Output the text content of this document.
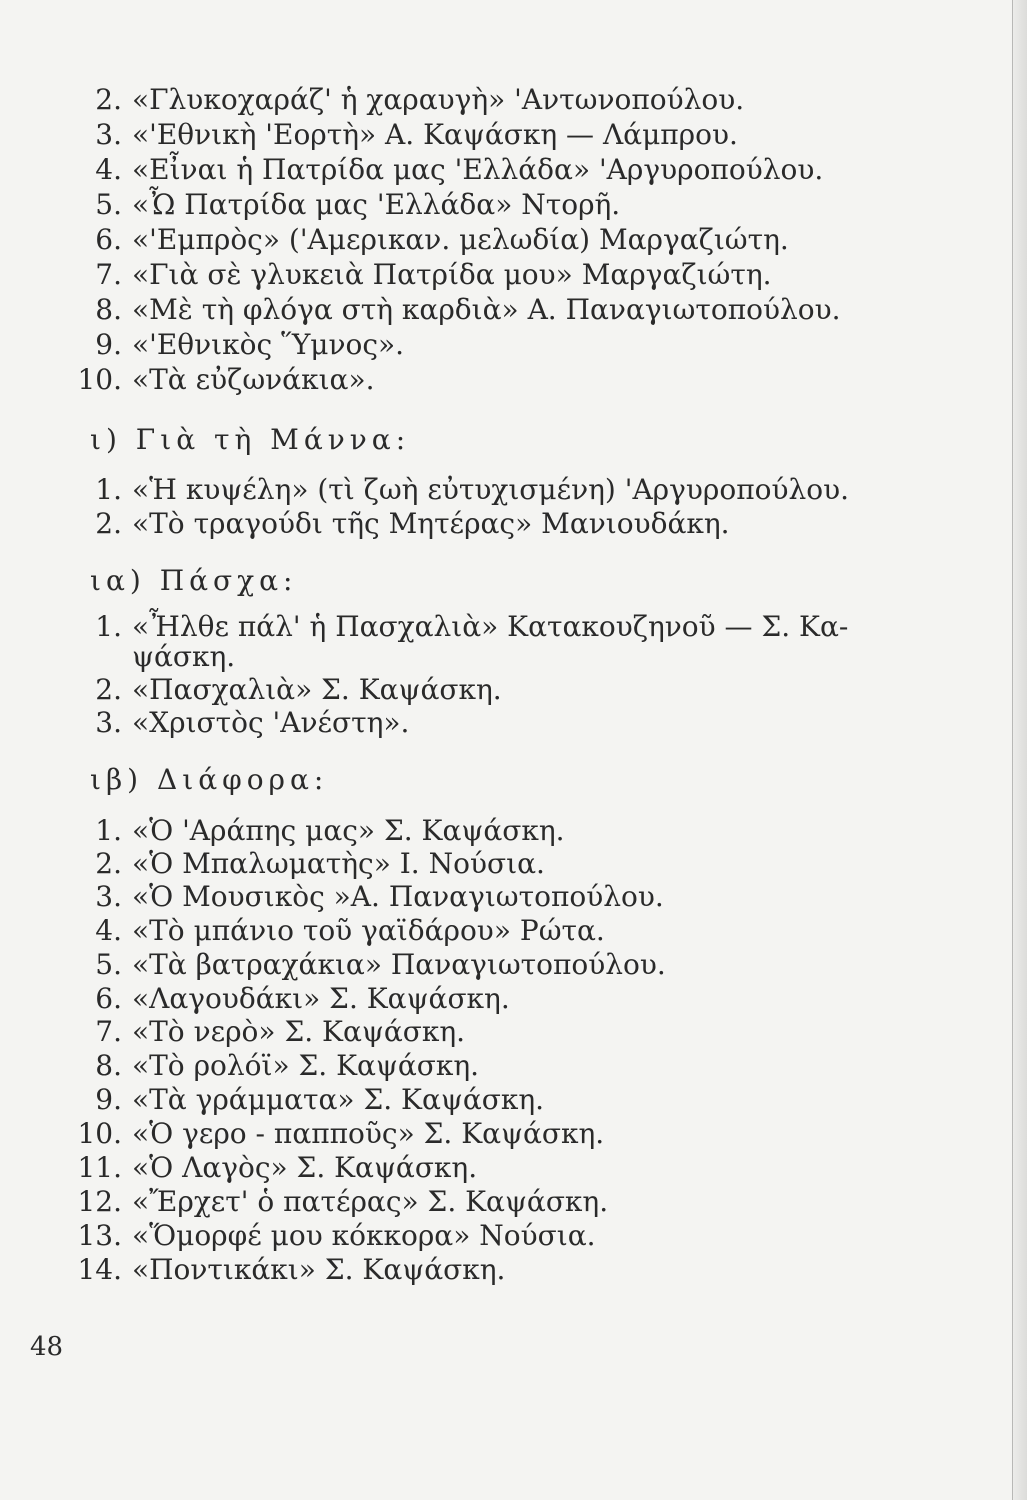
2. «Γλυκοχαράζ' ἡ χαραυγὴ» 'Αντωνοπούλου.
3. «'Εθνικὴ 'Εορτὴ» Α. Καψάσκη — Λάμπρου.
4. «Εἶναι ἡ Πατρίδα μας 'Ελλάδα» 'Αργυροπούλου.
5. «Ὦ Πατρίδα μας 'Ελλάδα» Ντορῆ.
6. «'Εμπρὸς» ('Αμερικαν. μελωδία) Μαργαζιώτη.
7. «Γιὰ σὲ γλυκειὰ Πατρίδα μου» Μαργαζιώτη.
8. «Μὲ τὴ φλόγα στὴ καρδιὰ» Α. Παναγιωτοπούλου.
9. «'Εθνικὸς Ὕμνος».
10. «Τὰ εὐζωνάκια».
ι) Γιὰ τὴ Μάννα:
1. «Ἡ κυψέλη» (τὶ ζωὴ εὐτυχισμένη) 'Αργυροπούλου.
2. «Τὸ τραγούδι τῆς Μητέρας» Μανιουδάκη.
ια) Πάσχα:
1. «Ἦλθε πάλ' ἡ Πασχαλιὰ» Κατακουζηνοῦ — Σ. Κα-
ψάσκη.
2. «Πασχαλιὰ» Σ. Καψάσκη.
3. «Χριστὸς 'Ανέστη».
ιβ) Διάφορα:
1. «Ὁ 'Αράπης μας» Σ. Καψάσκη.
2. «Ὁ Μπαλωματὴς» Ι. Νούσια.
3. «Ὁ Μουσικὸς »Α. Παναγιωτοπούλου.
4. «Τὸ μπάνιο τοῦ γαϊδάρου» Ρώτα.
5. «Τὰ βατραχάκια» Παναγιωτοπούλου.
6. «Λαγουδάκι» Σ. Καψάσκη.
7. «Τὸ νερὸ» Σ. Καψάσκη.
8. «Τὸ ρολόϊ» Σ. Καψάσκη.
9. «Τὰ γράμματα» Σ. Καψάσκη.
10. «Ὁ γερο - παπποῦς» Σ. Καψάσκη.
11. «Ὁ Λαγὸς» Σ. Καψάσκη.
12. «Ἔρχετ' ὁ πατέρας» Σ. Καψάσκη.
13. «Ὅμορφέ μου κόκκορα» Νούσια.
14. «Ποντικάκι» Σ. Καψάσκη.
48
